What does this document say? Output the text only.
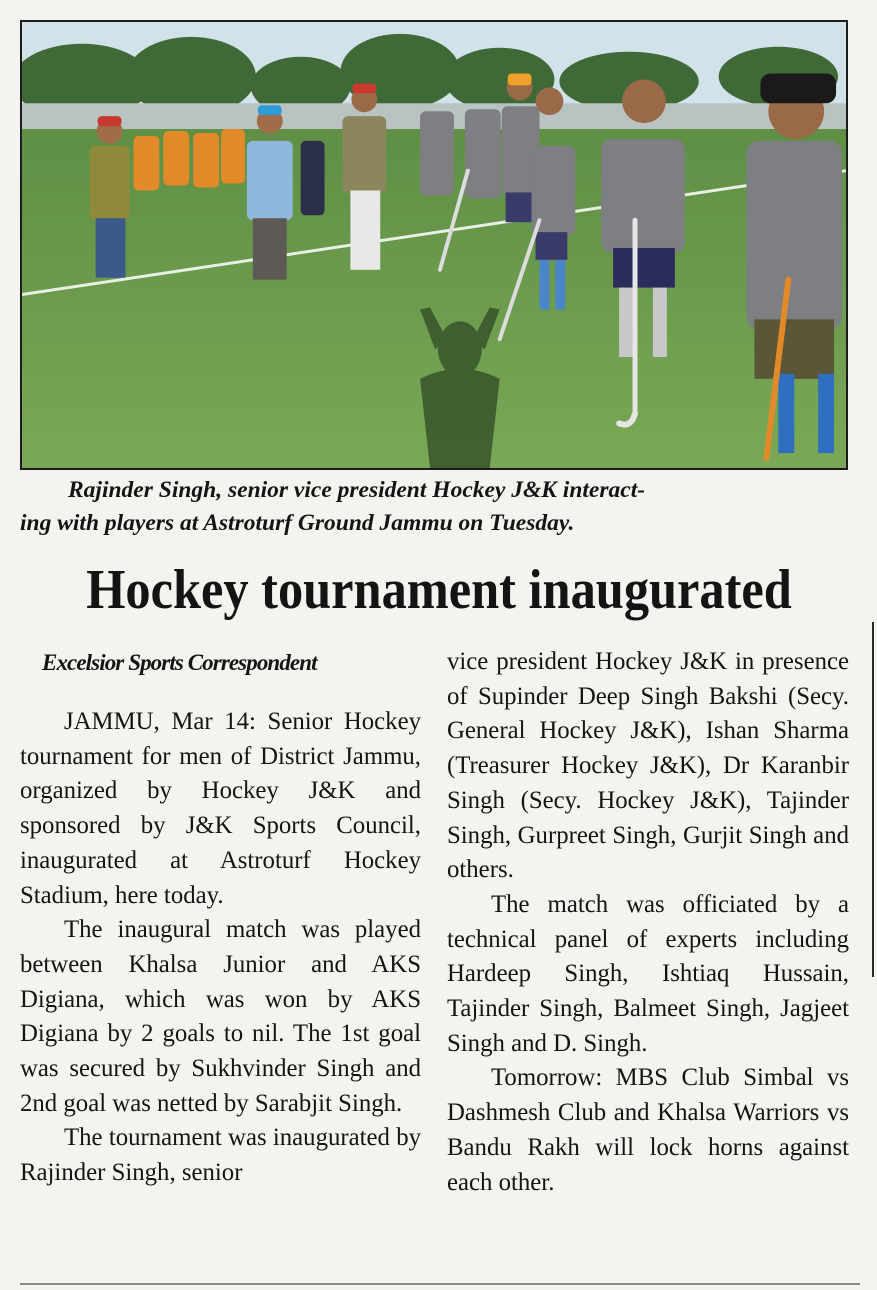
Rajinder Singh, senior vice president Hockey J&K interact-
ing with players at Astroturf Ground Jammu on Tuesday.

Hockey tournament inaugurated

Excelsior Sports Correspondent

JAMMU, Mar 14: Senior Hockey tournament for men of District Jammu, organized by Hockey J&K and sponsored by J&K Sports Council, inaugurated at Astroturf Hockey Stadium, here today.

The inaugural match was played between Khalsa Junior and AKS Digiana, which was won by AKS Digiana by 2 goals to nil. The 1st goal was secured by Sukhvinder Singh and 2nd goal was netted by Sarabjit Singh.

The tournament was inaugurated by Rajinder Singh, senior

vice president Hockey J&K in presence of Supinder Deep Singh Bakshi (Secy. General Hockey J&K), Ishan Sharma (Treasurer Hockey J&K), Dr Karanbir Singh (Secy. Hockey J&K), Tajinder Singh, Gurpreet Singh, Gurjit Singh and others.

The match was officiated by a technical panel of experts including Hardeep Singh, Ishtiaq Hussain, Tajinder Singh, Balmeet Singh, Jagjeet Singh and D. Singh.

Tomorrow: MBS Club Simbal vs Dashmesh Club and Khalsa Warriors vs Bandu Rakh will lock horns against each other.
